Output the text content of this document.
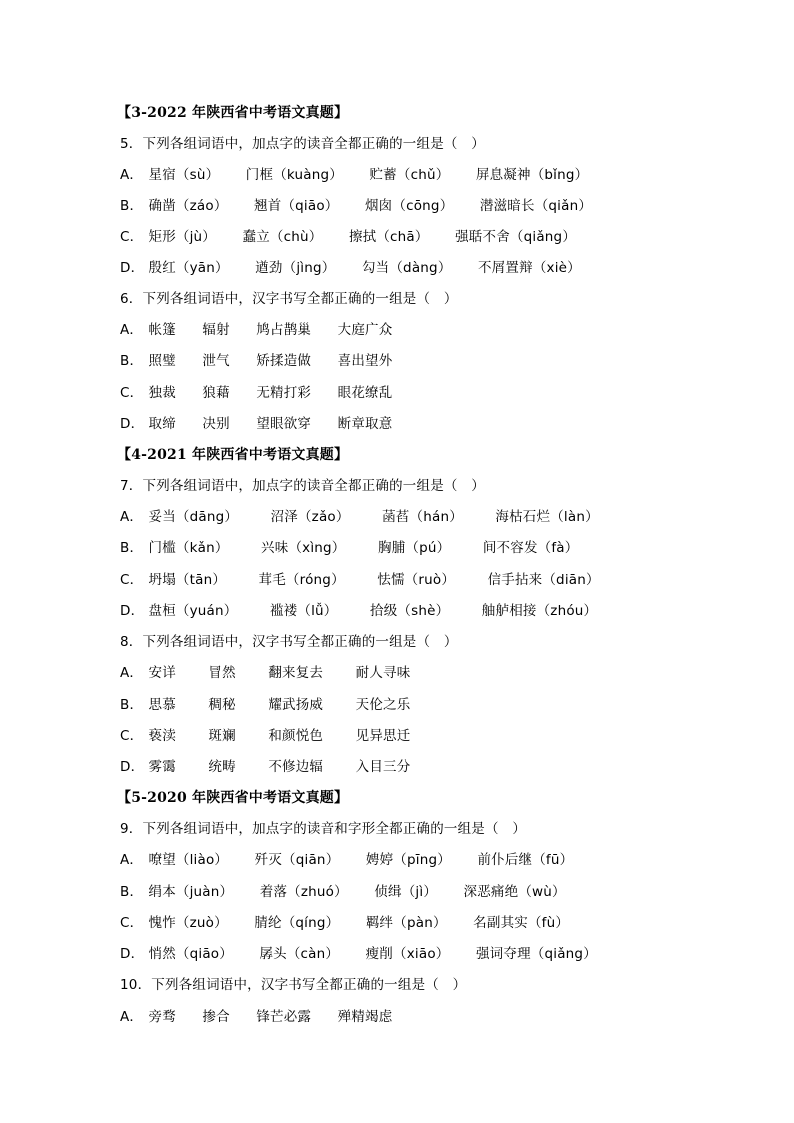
【3-2022 年陕西省中考语文真题】
5．下列各组词语中，加点字的读音全都正确的一组是（　）
A． 星宿（sù） 门框（kuàng） 贮蓄（chǔ） 屏息凝神（bǐng）
B． 确凿（záo） 翘首（qiāo） 烟囱（cōng） 潜滋暗长（qiǎn）
C． 矩形（jù） 蠢立（chù） 擦拭（chā） 强聒不舍（qiǎng）
D． 殷红（yān） 遒劲（jìng） 勾当（dàng） 不屑置辩（xiè）
6．下列各组词语中，汉字书写全都正确的一组是（　）
A． 帐篷 辐射 鸠占鹊巢 大庭广众
B． 照璧 泄气 矫揉造做 喜出望外
C． 独裁 狼藉 无精打彩 眼花缭乱
D． 取缔 决别 望眼欲穿 断章取意
【4-2021 年陕西省中考语文真题】
7．下列各组词语中，加点字的读音全都正确的一组是（　）
A． 妥当（dāng） 沼泽（zǎo） 菡萏（hán） 海枯石烂（làn）
B． 门槛（kǎn） 兴味（xìng） 胸脯（pú） 间不容发（fà）
C． 坍塌（tān） 茸毛（róng） 怯懦（ruò） 信手拈来（diān）
D． 盘桓（yuán） 褴褛（lǚ） 拾级（shè） 舳舻相接（zhóu）
8．下列各组词语中，汉字书写全都正确的一组是（　）
A． 安详 冒然 翻来复去 耐人寻味
B． 思慕 稠秘 耀武扬威 天伦之乐
C． 亵渎 斑斓 和颜悦色 见异思迁
D． 雾霭 统畴 不修边辐 入目三分
【5-2020 年陕西省中考语文真题】
9．下列各组词语中，加点字的读音和字形全都正确的一组是（　）
A． 嘹望（liào） 歼灭（qiān） 娉婷（pīng） 前仆后继（fū）
B． 绢本（juàn） 着落（zhuó） 侦缉（jì） 深恶痛绝（wù）
C． 愧怍（zuò） 腈纶（qíng） 羁绊（pàn） 名副其实（fù）
D． 悄然（qiāo） 孱头（càn） 瘦削（xiāo） 强词夺理（qiǎng）
10．下列各组词语中，汉字书写全都正确的一组是（　）
A． 旁骛 掺合 锋芒必露 殚精竭虑
